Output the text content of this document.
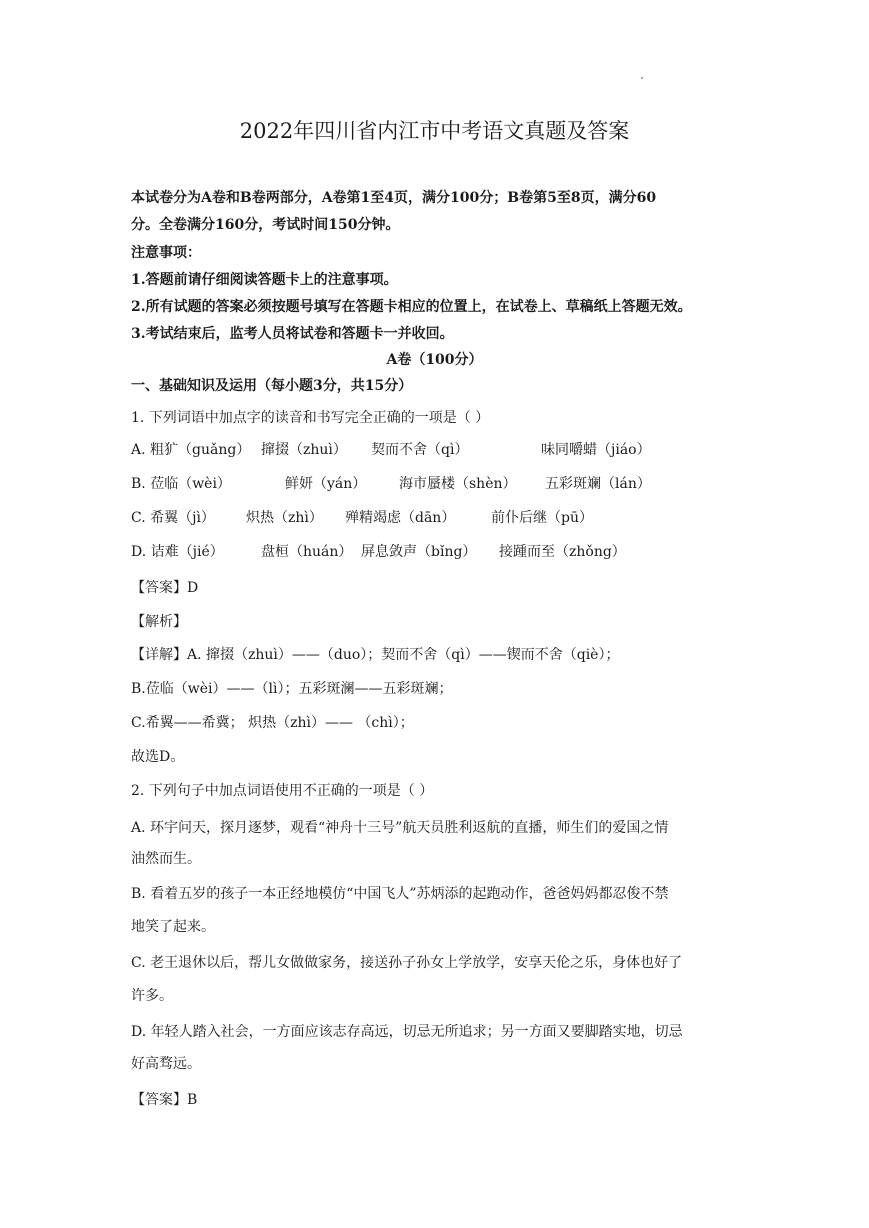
2022年四川省内江市中考语文真题及答案
本试卷分为A卷和B卷两部分，A卷第1至4页，满分100分；B卷第5至8页，满分60
分。全卷满分160分，考试时间150分钟。
注意事项：
1.答题前请仔细阅读答题卡上的注意事项。
2.所有试题的答案必须按题号填写在答题卡相应的位置上，在试卷上、草稿纸上答题无效。
3.考试结束后，监考人员将试卷和答题卡一并收回。
A卷（100分）
一、基础知识及运用（每小题3分，共15分）
1. 下列词语中加点字的读音和书写完全正确的一项是（ ）
A. 粗犷（guǎng） 撺掇（zhuì） 契而不舍（qì）	味同嚼蜡（jiáo）
B. 莅临（wèi）	鲜妍（yán） 海市蜃楼（shèn） 五彩斑斓（lán）
C. 希翼（jì） 炽热（zhì） 殚精竭虑（dān）	前仆后继（pū）
D. 诘难（jié）	盘桓（huán） 屏息敛声（bǐng） 接踵而至（zhǒng）
【答案】D
【解析】
【详解】A. 撺掇（zhuì）——（duo）；契而不舍（qì）——锲而不舍（qiè）；
B.莅临（wèi）——（lì）；五彩斑澜——五彩斑斓；
C.希翼——希冀； 炽热（zhì）—— （chì）；
故选D。
2. 下列句子中加点词语使用不正确的一项是（ ）
A. 环宇问天，探月逐梦，观看“神舟十三号”航天员胜利返航的直播，师生们的爱国之情
油然而生。
B. 看着五岁的孩子一本正经地模仿“中国飞人”苏炳添的起跑动作，爸爸妈妈都忍俊不禁
地笑了起来。
C. 老王退休以后，帮儿女做做家务，接送孙子孙女上学放学，安享天伦之乐，身体也好了
许多。
D. 年轻人踏入社会，一方面应该志存高远，切忌无所追求；另一方面又要脚踏实地，切忌
好高骛远。
【答案】B
